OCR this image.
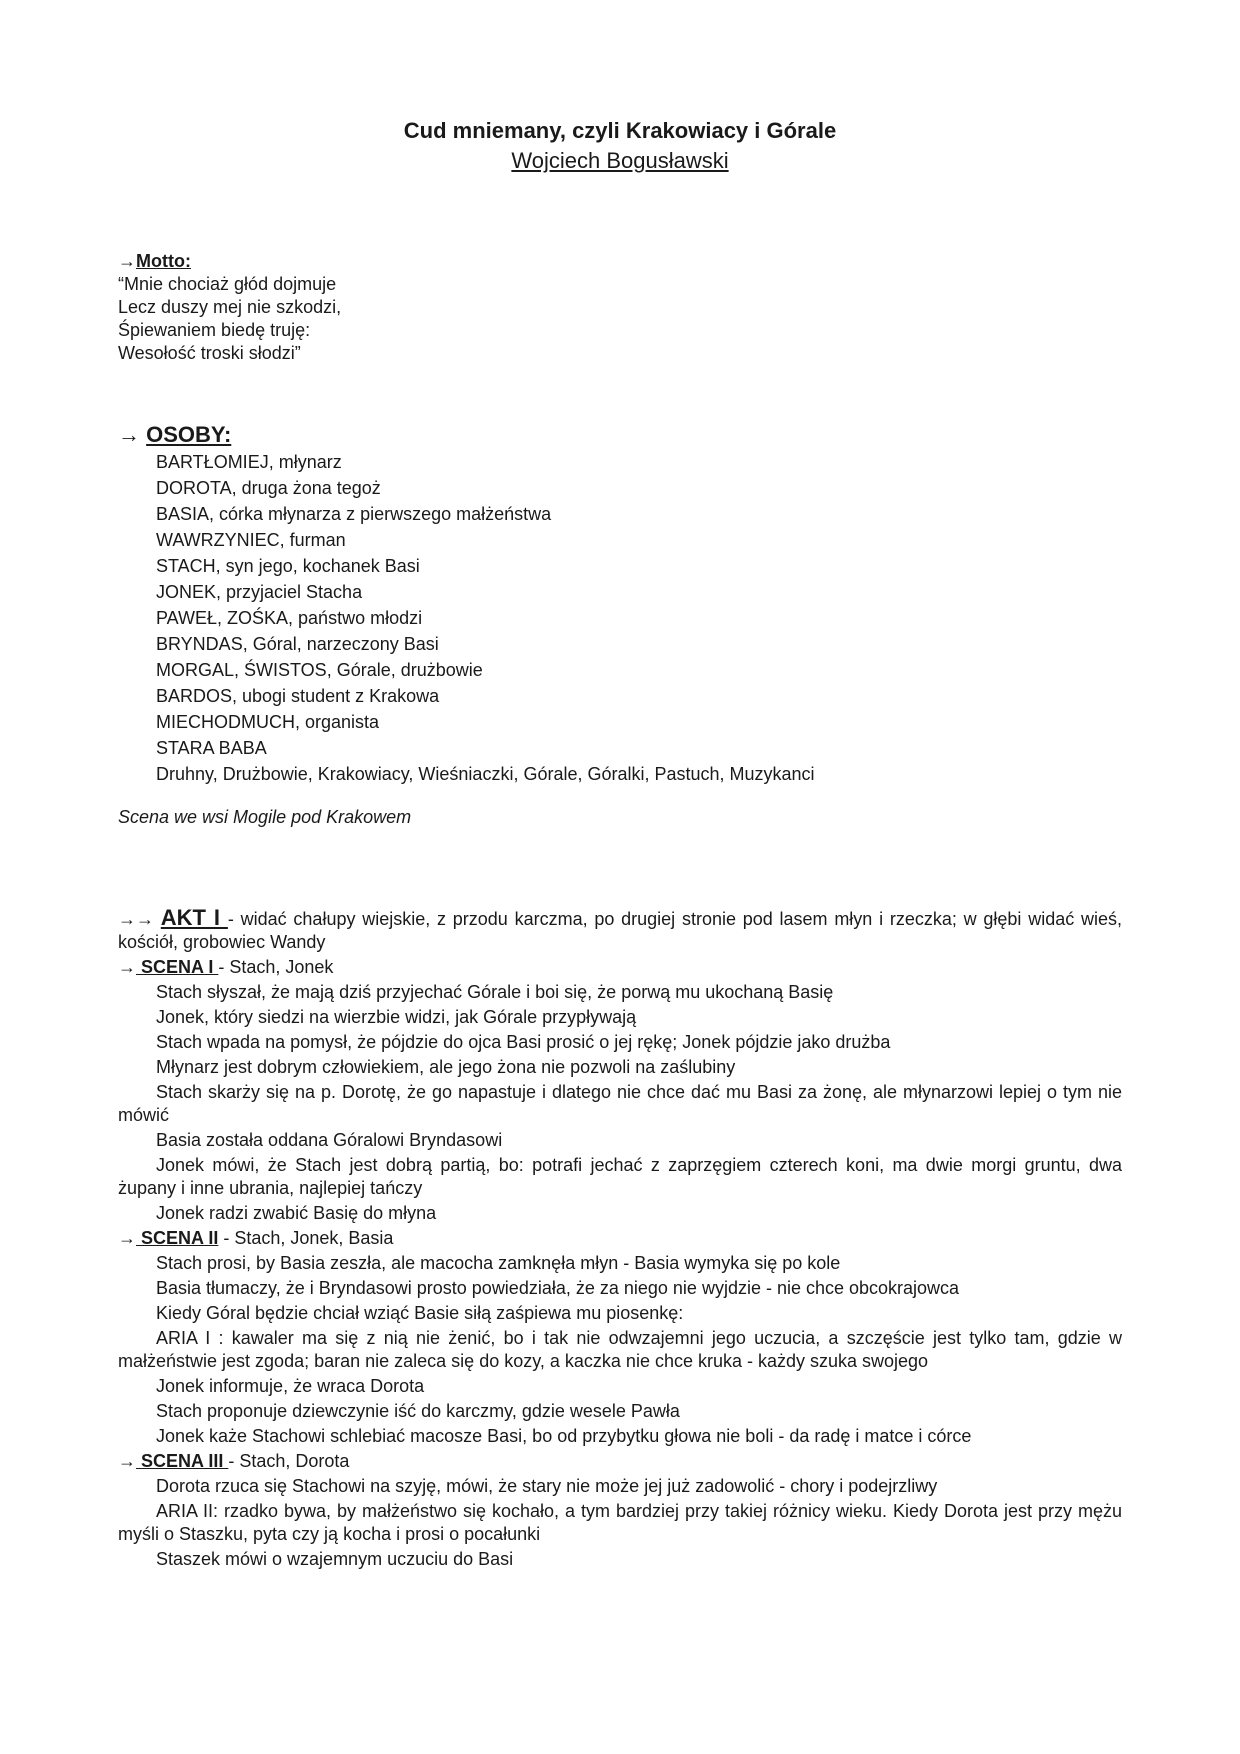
Cud mniemany, czyli Krakowiacy i Górale
Wojciech Bogusławski
→Motto:
“Mnie chociaż głód dojmuje
Lecz duszy mej nie szkodzi,
Śpiewaniem biedę truję:
Wesołość troski słodzi”
→ OSOBY:
BARTŁOMIEJ, młynarz
DOROTA, druga żona tegoż
BASIA, córka młynarza z pierwszego małżeństwa
WAWRZYNIEC, furman
STACH, syn jego, kochanek Basi
JONEK, przyjaciel Stacha
PAWEŁ, ZOŚKA, państwo młodzi
BRYNDAS, Góral, narzeczony Basi
MORGAL, ŚWISTOS, Górale, drużbowie
BARDOS, ubogi student z Krakowa
MIECHODMUCH, organista
STARA BABA
Druhny, Drużbowie, Krakowiacy, Wieśniaczki, Górale, Góralki, Pastuch, Muzykanci
Scena we wsi Mogile pod Krakowem
→→ AKT I - widać chałupy wiejskie, z przodu karczma, po drugiej stronie pod lasem młyn i rzeczka; w głębi widać wieś, kościół, grobowiec Wandy
→ SCENA I - Stach, Jonek

Stach słyszał, że mają dziś przyjechać Górale i boi się, że porwą mu ukochaną Basię

Jonek, który siedzi na wierzbie widzi, jak Górale przypływają

Stach wpada na pomysł, że pójdzie do ojca Basi prosić o jej rękę; Jonek pójdzie jako drużba

Młynarz jest dobrym człowiekiem, ale jego żona nie pozwoli na zaślubiny

Stach skarży się na p. Dorotę, że go napastuje i dlatego nie chce dać mu Basi za żonę, ale młynarzowi lepiej o tym nie mówić

Basia została oddana Góralowi Bryndasowi

Jonek mówi, że Stach jest dobrą partią, bo: potrafi jechać z zaprzęgiem czterech koni, ma dwie morgi gruntu, dwa żupany i inne ubrania, najlepiej tańczy

Jonek radzi zwabić Basię do młyna

→ SCENA II - Stach, Jonek, Basia

Stach prosi, by Basia zeszła, ale macocha zamknęła młyn - Basia wymyka się po kole

Basia tłumaczy, że i Bryndasowi prosto powiedziała, że za niego nie wyjdzie - nie chce obcokrajowca

Kiedy Góral będzie chciał wziąć Basie siłą zaśpiewa mu piosenkę:

ARIA I : kawaler ma się z nią nie żenić, bo i tak nie odwzajemni jego uczucia, a szczęście jest tylko tam, gdzie w małżeństwie jest zgoda; baran nie zaleca się do kozy, a kaczka nie chce kruka - każdy szuka swojego

Jonek informuje, że wraca Dorota

Stach proponuje dziewczynie iść do karczmy, gdzie wesele Pawła

Jonek każe Stachowi schlebiać macosze Basi, bo od przybytku głowa nie boli - da radę i matce i córce

→ SCENA III - Stach, Dorota

Dorota rzuca się Stachowi na szyję, mówi, że stary nie może jej już zadowolić - chory i podejrzliwy

ARIA II: rzadko bywa, by małżeństwo się kochało, a tym bardziej przy takiej różnicy wieku. Kiedy Dorota jest przy mężu myśli o Staszku, pyta czy ją kocha i prosi o pocałunki

Staszek mówi o wzajemnym uczuciu do Basi
